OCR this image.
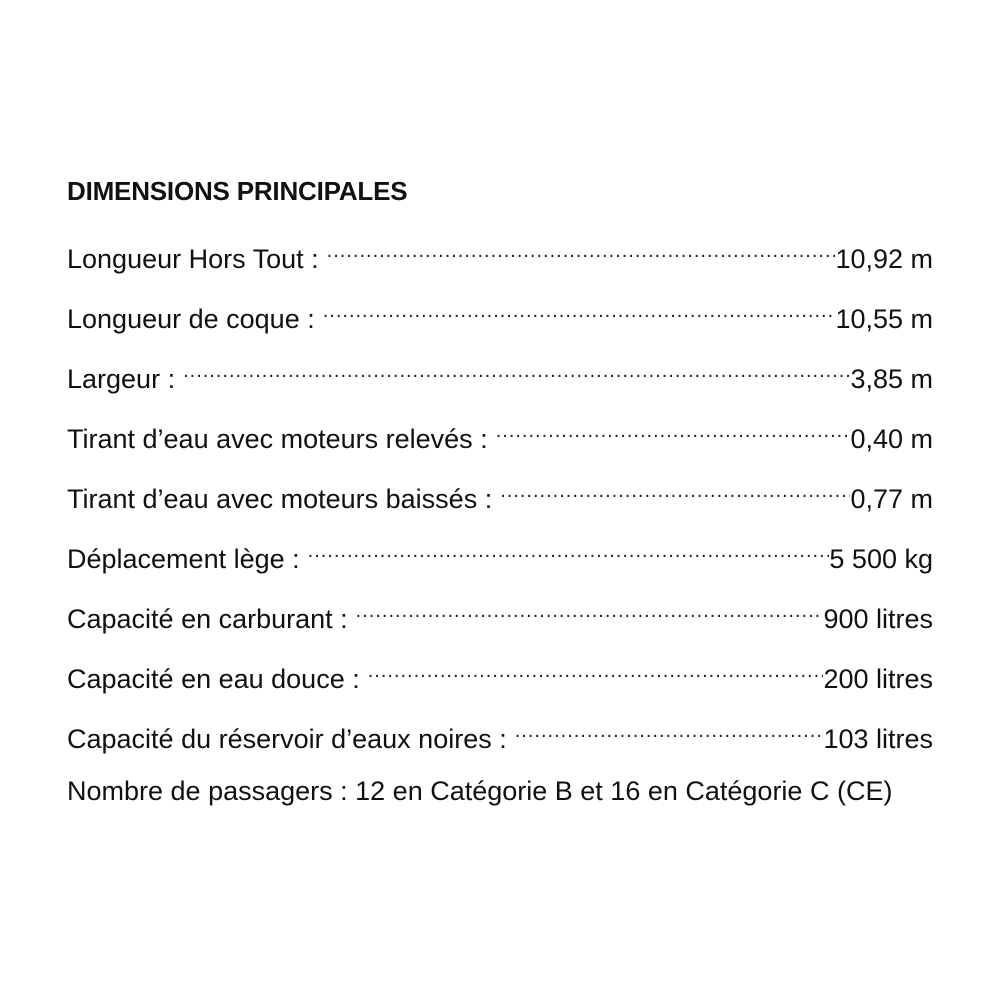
DIMENSIONS PRINCIPALES
Longueur Hors Tout : .....	10,92 m
Longueur de coque : .....	10,55 m
Largeur : .....	3,85 m
Tirant d’eau avec moteurs relevés : .....	0,40 m
Tirant d’eau avec moteurs baissés : .....	0,77 m
Déplacement lège : .....	5 500 kg
Capacité en carburant : .....	900 litres
Capacité en eau douce : .....	200 litres
Capacité du réservoir d’eaux noires : .....	103 litres
Nombre de passagers : 12 en Catégorie B et 16 en Catégorie C (CE)
